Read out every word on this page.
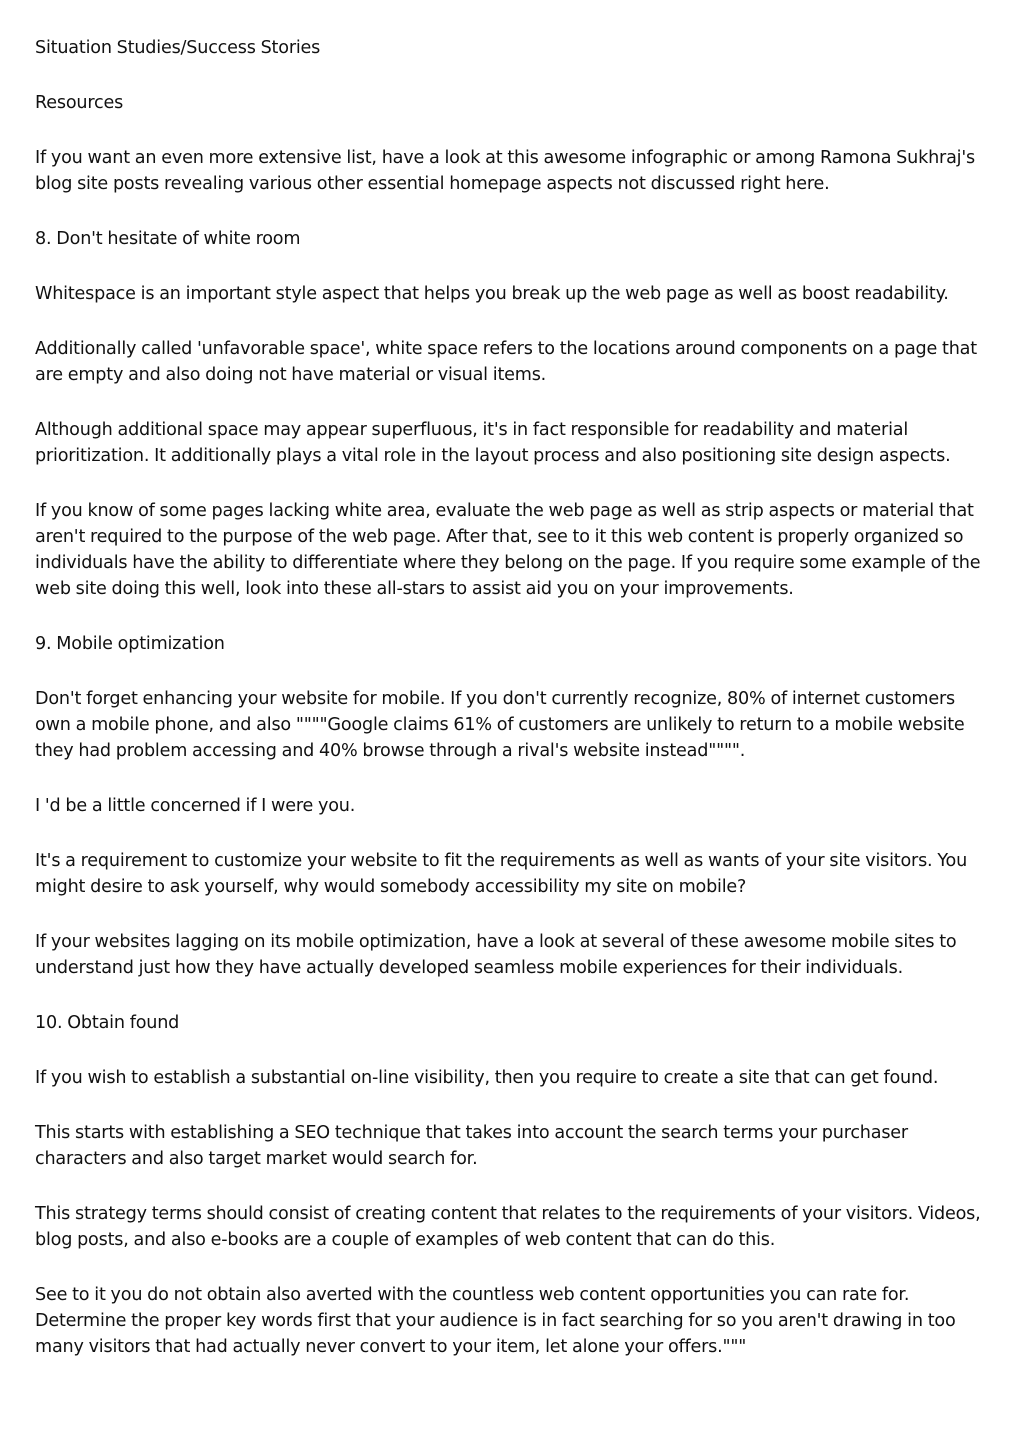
Situation Studies/Success Stories

Resources

If you want an even more extensive list, have a look at this awesome infographic or among Ramona Sukhraj's blog site posts revealing various other essential homepage aspects not discussed right here.

8. Don't hesitate of white room

Whitespace is an important style aspect that helps you break up the web page as well as boost readability.

Additionally called 'unfavorable space', white space refers to the locations around components on a page that are empty and also doing not have material or visual items.

Although additional space may appear superfluous, it's in fact responsible for readability and material prioritization. It additionally plays a vital role in the layout process and also positioning site design aspects.

If you know of some pages lacking white area, evaluate the web page as well as strip aspects or material that aren't required to the purpose of the web page. After that, see to it this web content is properly organized so individuals have the ability to differentiate where they belong on the page. If you require some example of the web site doing this well, look into these all-stars to assist aid you on your improvements.

9. Mobile optimization

Don't forget enhancing your website for mobile. If you don't currently recognize, 80% of internet customers own a mobile phone, and also """"Google claims 61% of customers are unlikely to return to a mobile website they had problem accessing and 40% browse through a rival's website instead"""".

I 'd be a little concerned if I were you.

It's a requirement to customize your website to fit the requirements as well as wants of your site visitors. You might desire to ask yourself, why would somebody accessibility my site on mobile?

If your websites lagging on its mobile optimization, have a look at several of these awesome mobile sites to understand just how they have actually developed seamless mobile experiences for their individuals.

10. Obtain found

If you wish to establish a substantial on-line visibility, then you require to create a site that can get found.

This starts with establishing a SEO technique that takes into account the search terms your purchaser characters and also target market would search for.

This strategy terms should consist of creating content that relates to the requirements of your visitors. Videos, blog posts, and also e-books are a couple of examples of web content that can do this.

See to it you do not obtain also averted with the countless web content opportunities you can rate for. Determine the proper key words first that your audience is in fact searching for so you aren't drawing in too many visitors that had actually never convert to your item, let alone your offers."""
